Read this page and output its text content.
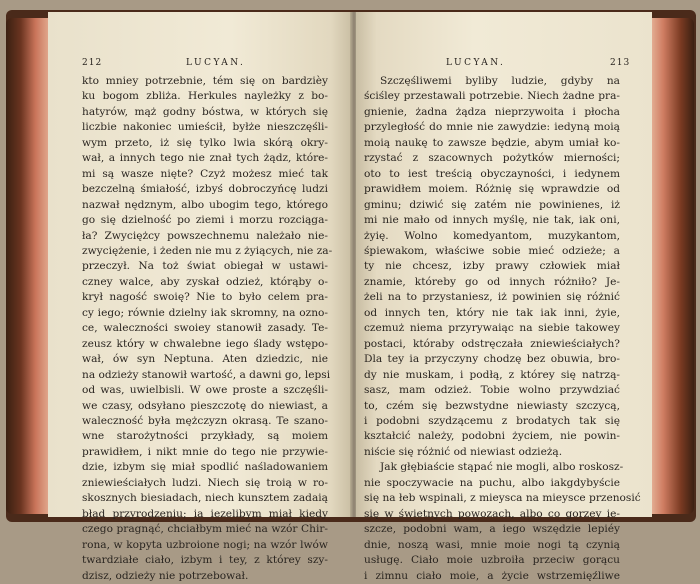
212	LUCYAN.
kto mniey potrzebnie, tém się on bardzièy
ku bogom zbliża. Herkules nayleżky z bo-
hatyrów, mąż godny bóstwa, w których się
liczbie nakoniec umieścił, byłże nieszczęśli-
wym przeto, iż się tylko lwia skórą okry-
wał, a innych tego nie znał tych żądz, które-
mi są wasze nięte? Czyż możesz mieć tak
bezczelną śmiałość, izbyś dobroczyńcę ludzi
nazwał nędznym, albo ubogim tego, którego
go się dzielność po ziemi i morzu rozciąga-
ła? Zwyciężcy powszechnemu należało nie-
zwyciężenie, i żeden nie mu z żyiących, nie za-
przeczył. Na toż świat obiegał w ustawi-
czney walce, aby zyskał odzież, którąby o-
krył nagość swoię? Nie to było celem pra-
cy iego; równie dzielny iak skromny, na ozno-
ce, waleczności swoiey stanowił zasady. Te-
zeusz który w chwalebne iego ślady wstępo-
wał, ów syn Neptuna. Aten dziedzic, nie
na odzieży stanowił wartość, a dawni go, lepsi
od was, uwielbisli. W owe proste a szczęśli-
we czasy, odsyłano pieszczotę do niewiast, a
waleczność była mężczyzn okrasą. Te szano-
wne starożytności przykłady, są moiem
prawidłem, i nikt mnie do tego nie przywie-
dzie, izbym się miał spodlić naśladowaniem
zniewieściałych ludzi. Niech się troią w ro-
skosznych biesiadach, niech kunsztem zadaią
błąd przyrodzeniu; ia iezelibym miał kiedy
czego pragnąć, chciałbym mieć na wzór Chir-
rona, w kopyta uzbroione nogi; na wzór lwów
twardziałe ciało, izbym i tey, z którey szy-
dzisz, odzieży nie potrzebował.
LUCYAN.	213
Szczęśliwemi byliby ludzie, gdyby na
ściśley przestawali potrzebie. Niech żadne pra-
gnienie, żadna żądza nieprzywoita i płocha
przyległość do mnie nie zawydzie: iedyną moią
moią naukę to zawsze będzie, abym umiał ko-
rzystać z szacownych pożytków mierności;
oto to iest treścią obyczayności, i iedynem
prawidłem moiem. Różnię się wprawdzie od
gminu; dziwić się zatém nie powinienes, iż
mi nie mało od innych myślę, nie tak, iak oni,
żyię. Wolno komedyantom, muzykantom,
śpiewakom, właściwe sobie mieć odzieże; a
ty nie chcesz, izby prawy człowiek miał
znamie, któreby go od innych różniło? Je-
żeli na to przystaniesz, iż powinien się różnić
od innych ten, który nie tak iak inni, żyie,
czemuż niema przyrywaiąc na siebie takowey
postaci, któraby odstręczała zniewieściałych?
Dla tey ia przyczyny chodzę bez obuwia, bro-
dy nie muskam, i podłą, z którey się natrzą-
sasz, mam odzież. Tobie wolno przywdziać
to, czém się bezwstydne niewiasty szczycą,
i podobni szydzącemu z brodatych tak się
kształcić należy, podobni życiem, nie powin-
niście się różnić od niewiast odzieżą.
Jak głębiaście stąpać nie mogli, albo roskosz-
nie spoczywacie na puchu, albo iakgdybyście
się na łeb wspinali, z mieysca na mieysce przenosić
się w świetnych powozach, albo co gorzey ie-
szcze, podobni wam, a iego wszędzie lepiéy
dnie, noszą wasi, mnie moie nogi tą czynią
usługę. Ciało moie uzbroiła przeciw gorącu
i zimnu ciało moie, a życie wstrzemięźliwe
